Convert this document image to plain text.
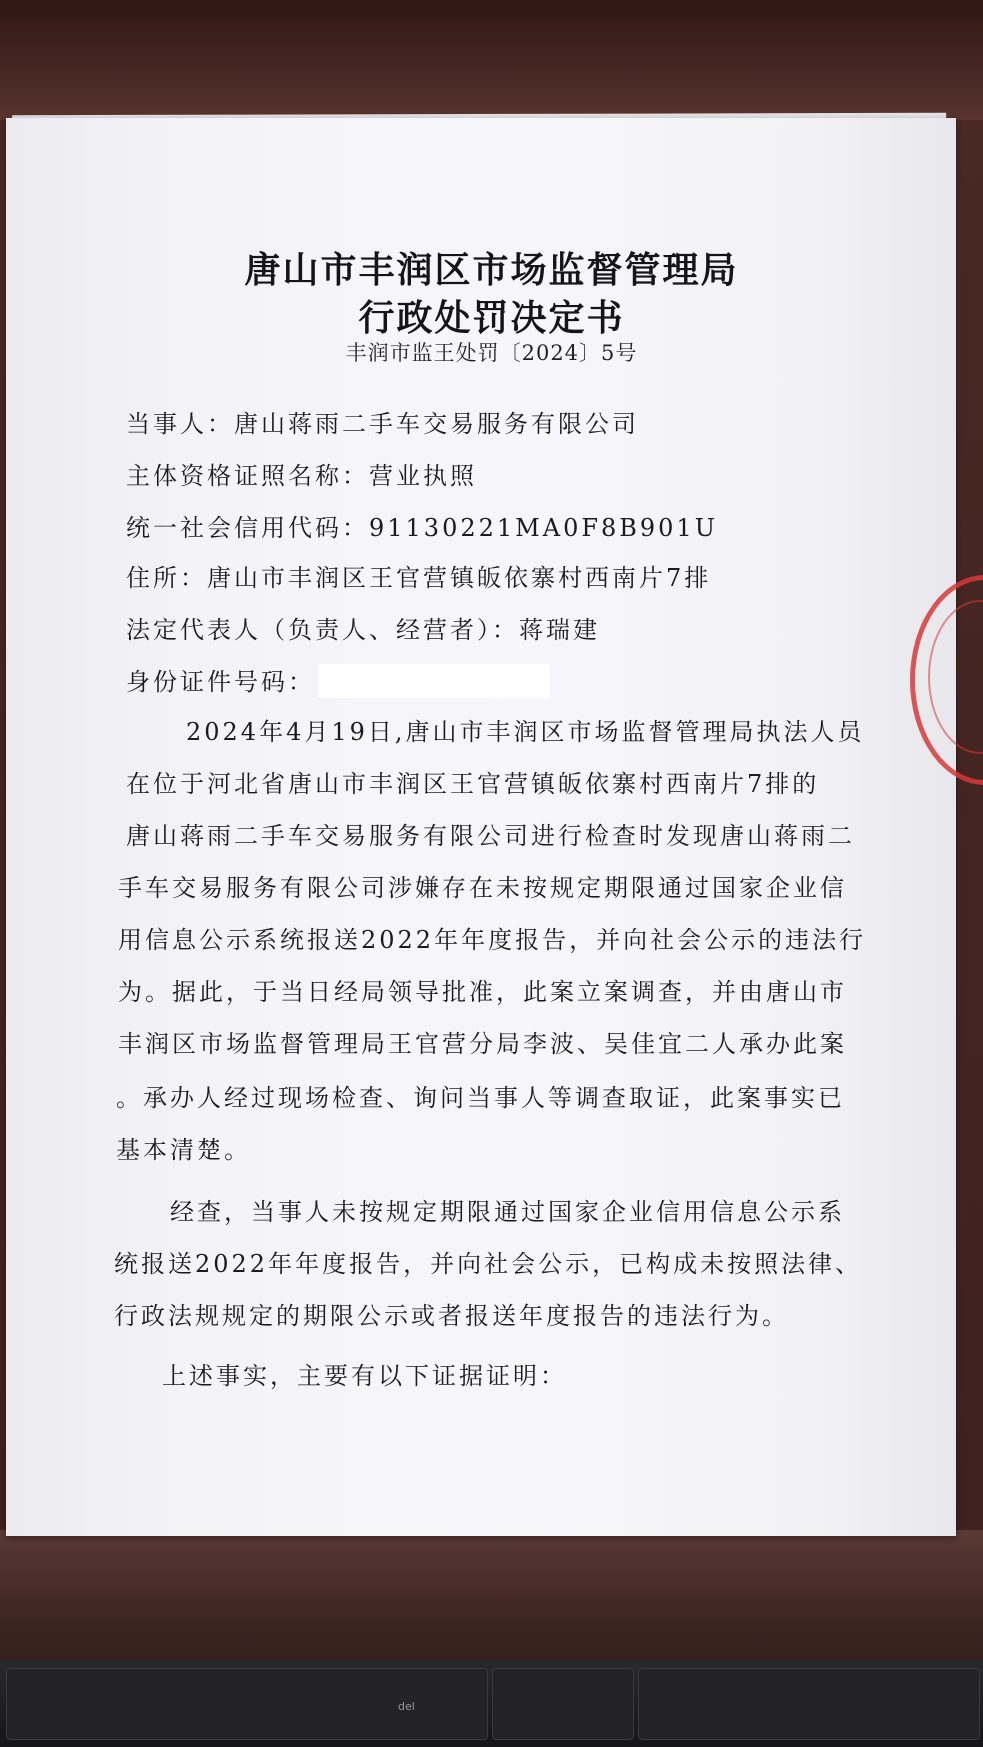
del
唐山市丰润区市场监督管理局
行政处罚决定书
丰润市监王处罚〔2024〕5号
当事人：唐山蒋雨二手车交易服务有限公司
主体资格证照名称：营业执照
统一社会信用代码：91130221MA0F8B901U
住所：唐山市丰润区王官营镇皈依寨村西南片7排
法定代表人（负责人、经营者）：蒋瑞建
身份证件号码：
2024年4月19日,唐山市丰润区市场监督管理局执法人员
在位于河北省唐山市丰润区王官营镇皈依寨村西南片7排的
唐山蒋雨二手车交易服务有限公司进行检查时发现唐山蒋雨二
手车交易服务有限公司涉嫌存在未按规定期限通过国家企业信
用信息公示系统报送2022年年度报告，并向社会公示的违法行
为。据此，于当日经局领导批准，此案立案调查，并由唐山市
丰润区市场监督管理局王官营分局李波、吴佳宜二人承办此案
。承办人经过现场检查、询问当事人等调查取证，此案事实已
基本清楚。
经查，当事人未按规定期限通过国家企业信用信息公示系
统报送2022年年度报告，并向社会公示，已构成未按照法律、
行政法规规定的期限公示或者报送年度报告的违法行为。
上述事实，主要有以下证据证明：
